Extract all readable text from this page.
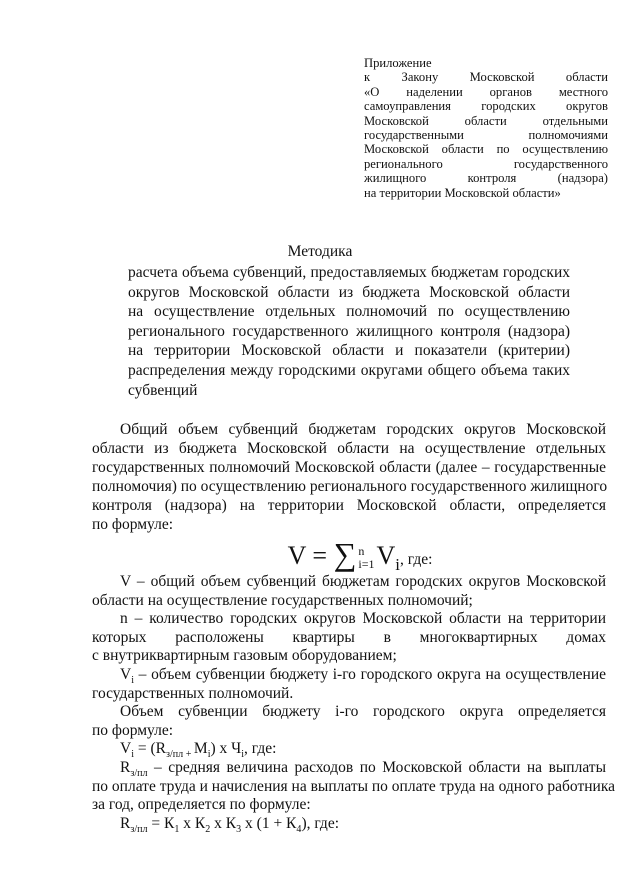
Приложение
к Закону Московской области
«О наделении органов местного
самоуправления городских округов
Московской области отдельными
государственными полномочиями
Московской области по осуществлению
регионального государственного
жилищного контроля (надзора)
на территории Московской области»
Методика
расчета объема субвенций, предоставляемых бюджетам городских
округов Московской области из бюджета Московской области
на осуществление отдельных полномочий по осуществлению
регионального государственного жилищного контроля (надзора)
на территории Московской области и показатели (критерии)
распределения между городскими округами общего объема таких
субвенций
Общий объем субвенций бюджетам городских округов Московской
области из бюджета Московской области на осуществление отдельных
государственных полномочий Московской области (далее – государственные
полномочия) по осуществлению регионального государственного жилищного
контроля (надзора) на территории Московской области, определяется
по формуле:
V = ∑ n
i=1 $V_i$, где:
V – общий объем субвенций бюджетам городских округов Московской
области на осуществление государственных полномочий;
n – количество городских округов Московской области на территории
которых расположены квартиры в многоквартирных домах
с внутриквартирным газовым оборудованием;
$V_i$ – объем субвенции бюджету i-го городского округа на осуществление
государственных полномочий.
Объем субвенции бюджету i-го городского округа определяется
по формуле:
$V_i = (R_{з/пл +}$ $M_i$) х $Ч_i$, где:
$R_{з/пл}$ – средняя величина расходов по Московской области на выплаты
по оплате труда и начисления на выплаты по оплате труда на одного работника
за год, определяется по формуле:
$R_{з/пл} = К_1$ х $К_2$ х $К_3$ х $(1 + К_4)$, где:
